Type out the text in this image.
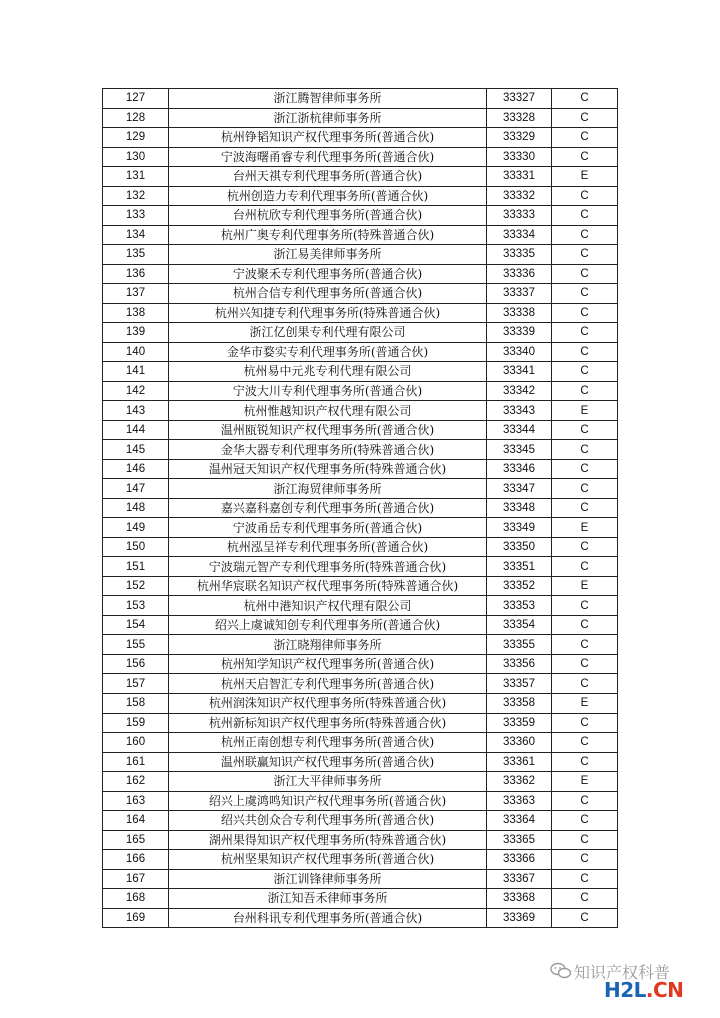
127	浙江腾智律师事务所	33327	C
128	浙江浙杭律师事务所	33328	C
129	杭州铮韬知识产权代理事务所(普通合伙)	33329	C
130	宁波海曙甬睿专利代理事务所(普通合伙)	33330	C
131	台州天祺专利代理事务所(普通合伙)	33331	E
132	杭州创造力专利代理事务所(普通合伙)	33332	C
133	台州杭欣专利代理事务所(普通合伙)	33333	C
134	杭州广奥专利代理事务所(特殊普通合伙)	33334	C
135	浙江易美律师事务所	33335	C
136	宁波聚禾专利代理事务所(普通合伙)	33336	C
137	杭州合信专利代理事务所(普通合伙)	33337	C
138	杭州兴知捷专利代理事务所(特殊普通合伙)	33338	C
139	浙江亿创果专利代理有限公司	33339	C
140	金华市婺实专利代理事务所(普通合伙)	33340	C
141	杭州易中元兆专利代理有限公司	33341	C
142	宁波大川专利代理事务所(普通合伙)	33342	C
143	杭州惟越知识产权代理有限公司	33343	E
144	温州瓯锐知识产权代理事务所(普通合伙)	33344	C
145	金华大器专利代理事务所(特殊普通合伙)	33345	C
146	温州冠天知识产权代理事务所(特殊普通合伙)	33346	C
147	浙江海贸律师事务所	33347	C
148	嘉兴嘉科嘉创专利代理事务所(普通合伙)	33348	C
149	宁波甬岳专利代理事务所(普通合伙)	33349	E
150	杭州泓呈祥专利代理事务所(普通合伙)	33350	C
151	宁波瑞元智产专利代理事务所(特殊普通合伙)	33351	C
152	杭州华宸联名知识产权代理事务所(特殊普通合伙)	33352	E
153	杭州中港知识产权代理有限公司	33353	C
154	绍兴上虞诚知创专利代理事务所(普通合伙)	33354	C
155	浙江晓翔律师事务所	33355	C
156	杭州知学知识产权代理事务所(普通合伙)	33356	C
157	杭州天启智汇专利代理事务所(普通合伙)	33357	C
158	杭州润洙知识产权代理事务所(特殊普通合伙)	33358	E
159	杭州新标知识产权代理事务所(特殊普通合伙)	33359	C
160	杭州正南创想专利代理事务所(普通合伙)	33360	C
161	温州联赢知识产权代理事务所(普通合伙)	33361	C
162	浙江大平律师事务所	33362	E
163	绍兴上虞鸿鸣知识产权代理事务所(普通合伙)	33363	C
164	绍兴共创众合专利代理事务所(普通合伙)	33364	C
165	湖州果得知识产权代理事务所(特殊普通合伙)	33365	C
166	杭州坚果知识产权代理事务所(普通合伙)	33366	C
167	浙江训锋律师事务所	33367	C
168	浙江知吾禾律师事务所	33368	C
169	台州科讯专利代理事务所(普通合伙)	33369	C
知识产权科普
H2L.CN
